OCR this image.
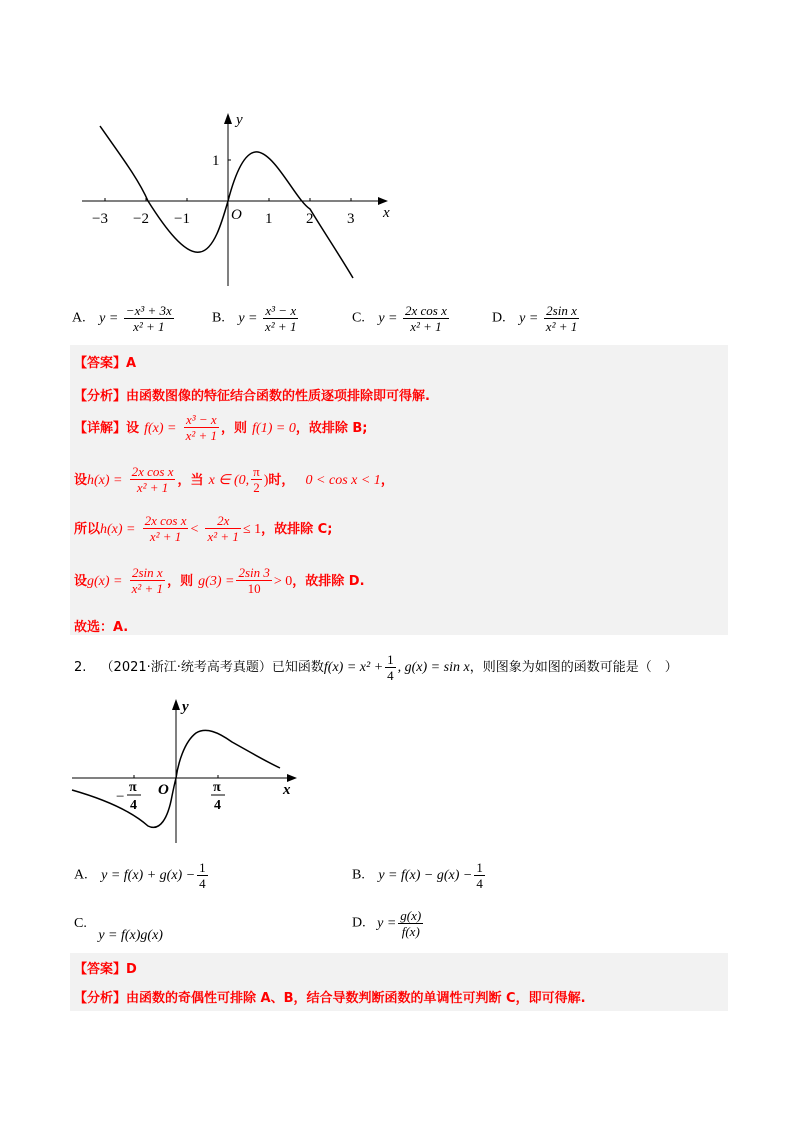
y
x
O
1
−3 −2 −1	1 2 3
A. $y = \frac{\text{−x³ + 3x}}{\text{x² + 1}}$	B. $y = \frac{\text{x³ − x}}{\text{x² + 1}}$	C. $y = \frac{\text{2x cos x}}{\text{x² + 1}}$	D. $y = \frac{\text{2sin x}}{\text{x² + 1}}$
【答案】A
【分析】由函数图像的特征结合函数的性质逐项排除即可得解.
【详解】设 $f(x) = \frac{\text{x³ − x}}{\text{x² + 1}}$ ，则 f(1) = 0，故排除 B;
设$h(x) = \frac{\text{2x cos x}}{\text{x² + 1}}$ ，当 x ∈ (0, $\frac{\pi}{2}$ )时， 0 < cos x < 1，
所以$h(x) = \frac{\text{2x cos x}}{\text{x² + 1}} < \frac{2x}{\text{x² + 1}} \le 1$，故排除 C;
设$g(x) = \frac{\text{2sin x}}{\text{x² + 1}}$ ，则 $g(3) = \frac{2\sin 3}{10} > 0$，故排除 D.
故选：A.
2. （2021·浙江·统考高考真题）已知函数$f(x) = x^2 + \frac{1}{4}$ , g(x) = sin x，则图象为如图的函数可能是（　）
y
x
O
−
π
4
π
4
A. $y = f(x) + g(x) - \frac{1}{4}$	B. $y = f(x) - g(x) - \frac{1}{4}$
C. y = f(x)g(x)
D. $y = \frac{g(x)}{f(x)}$
【答案】D
【分析】由函数的奇偶性可排除 A、B，结合导数判断函数的单调性可判断 C，即可得解.
